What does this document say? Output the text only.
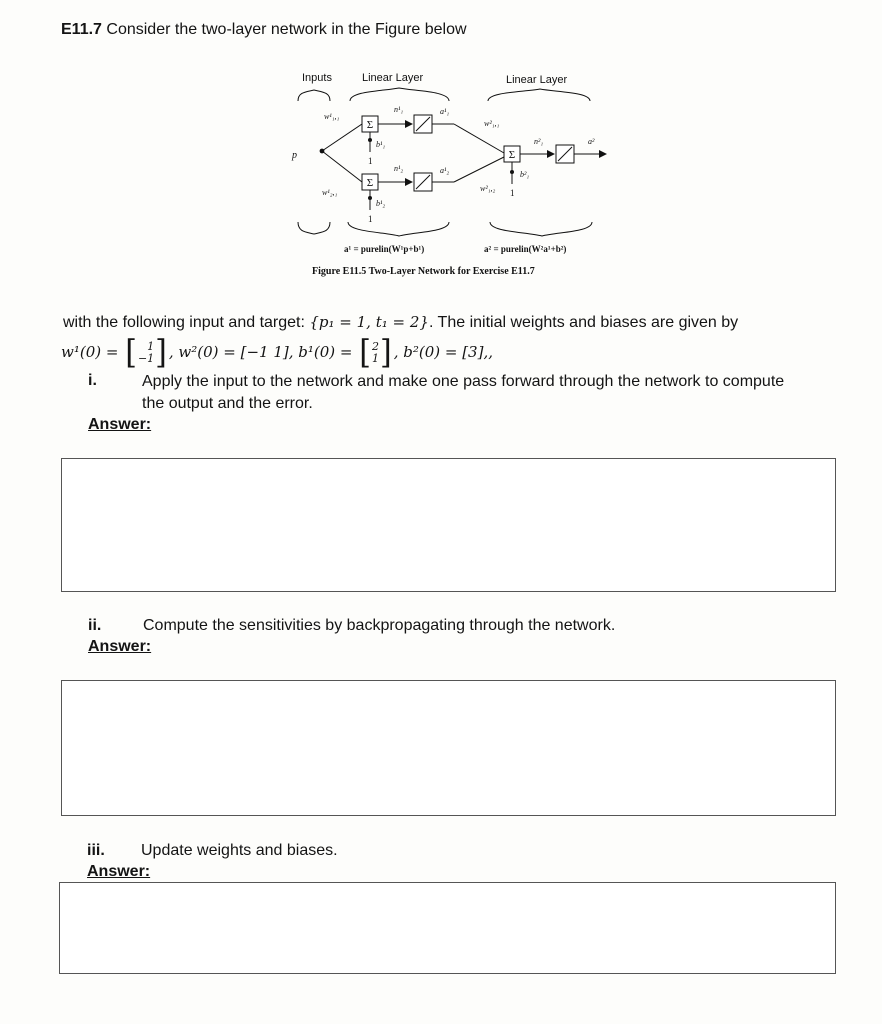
E11.7 Consider the two-layer network in the Figure below
Inputs	Linear Layer	Linear Layer
p
w¹₁,₁
w¹₂,₁
Σ
n¹₁	a¹₁
b¹₁
1
Σ
n¹₂	a¹₂
b¹₂
1
w²₁,₁
w²₁,₂
Σ
n²₁	a²
b²₁
1
a¹ = purelin(W¹p+b¹)	a² = purelin(W²a¹+b²)
Figure E11.5 Two-Layer Network for Exercise E11.7
with the following input and target: {p₁ = 1, t₁ = 2}. The initial weights and biases are given by
w¹(0) = [ 1
−1 ] , w²(0) = [−1 1], b¹(0) = [ 2
1 ] , b²(0) = [3],,
i.	Apply the input to the network and make one pass forward through the network to compute
the output and the error.
Answer:
ii.	Compute the sensitivities by backpropagating through the network.
Answer:
iii. Update weights and biases.
Answer:
